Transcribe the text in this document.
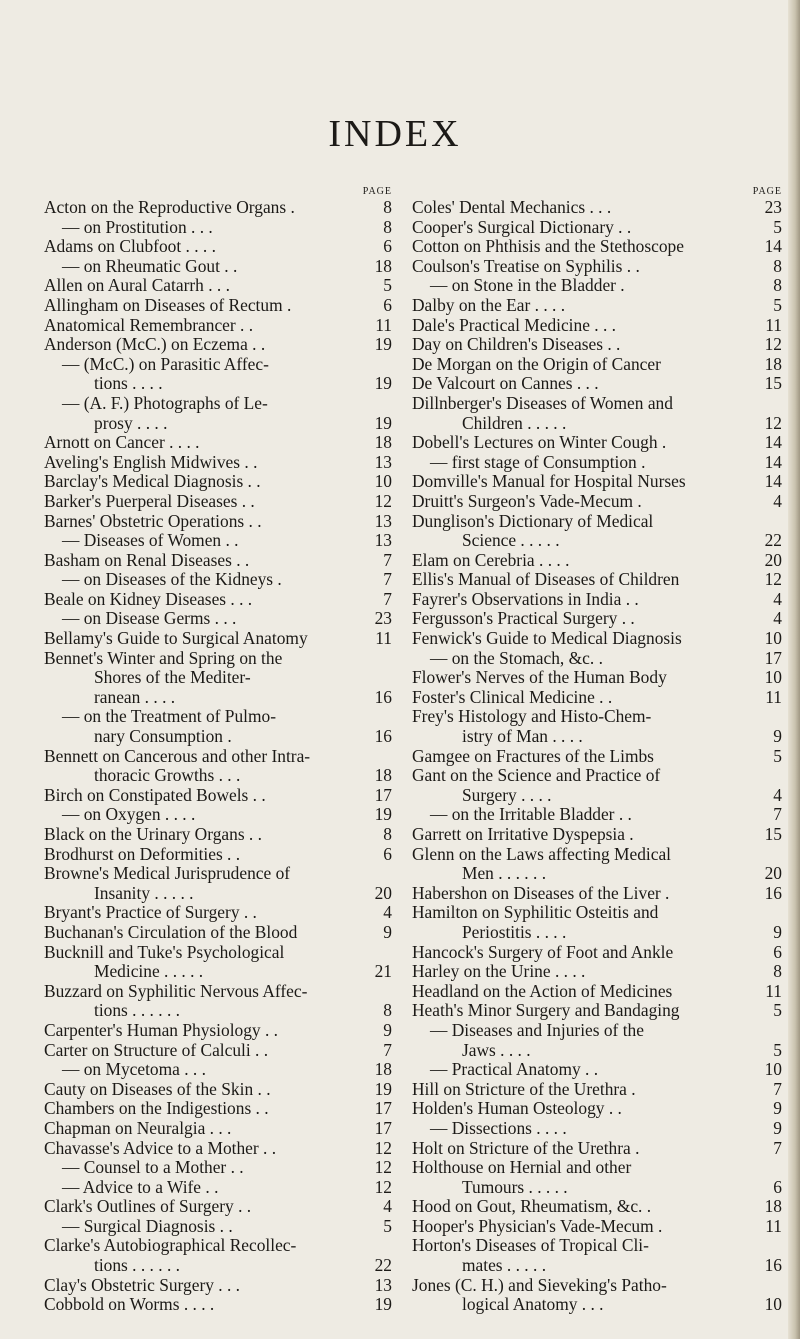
INDEX
PAGE
Acton on the Reproductive Organs .	8
— on Prostitution . . .	8
Adams on Clubfoot . . . .	6
— on Rheumatic Gout . .	18
Allen on Aural Catarrh . . .	5
Allingham on Diseases of Rectum .	6
Anatomical Remembrancer . .	11
Anderson (McC.) on Eczema . .	19
— (McC.) on Parasitic Affec-
tions . . . .	19
— (A. F.) Photographs of Le-
prosy . . . .	19
Arnott on Cancer . . . .	18
Aveling's English Midwives . .	13
Barclay's Medical Diagnosis . .	10
Barker's Puerperal Diseases . .	12
Barnes' Obstetric Operations . .	13
— Diseases of Women . .	13
Basham on Renal Diseases . .	7
— on Diseases of the Kidneys .	7
Beale on Kidney Diseases . . .	7
— on Disease Germs . . .	23
Bellamy's Guide to Surgical Anatomy	11
Bennet's Winter and Spring on the
Shores of the Mediter-
ranean . . . .	16
— on the Treatment of Pulmo-
nary Consumption .	16
Bennett on Cancerous and other Intra-
thoracic Growths . . .	18
Birch on Constipated Bowels . .	17
— on Oxygen . . . .	19
Black on the Urinary Organs . .	8
Brodhurst on Deformities . .	6
Browne's Medical Jurisprudence of
Insanity . . . . .	20
Bryant's Practice of Surgery . .	4
Buchanan's Circulation of the Blood	9
Bucknill and Tuke's Psychological
Medicine . . . . .	21
Buzzard on Syphilitic Nervous Affec-
tions . . . . . .	8
Carpenter's Human Physiology . .	9
Carter on Structure of Calculi . .	7
— on Mycetoma . . .	18
Cauty on Diseases of the Skin . .	19
Chambers on the Indigestions . .	17
Chapman on Neuralgia . . .	17
Chavasse's Advice to a Mother . .	12
— Counsel to a Mother . .	12
— Advice to a Wife . .	12
Clark's Outlines of Surgery . .	4
— Surgical Diagnosis . .	5
Clarke's Autobiographical Recollec-
tions . . . . . .	22
Clay's Obstetric Surgery . . .	13
Cobbold on Worms . . . .	19
PAGE
Coles' Dental Mechanics . . .	23
Cooper's Surgical Dictionary . .	5
Cotton on Phthisis and the Stethoscope	14
Coulson's Treatise on Syphilis . .	8
— on Stone in the Bladder .	8
Dalby on the Ear . . . .	5
Dale's Practical Medicine . . .	11
Day on Children's Diseases . .	12
De Morgan on the Origin of Cancer	18
De Valcourt on Cannes . . .	15
Dillnberger's Diseases of Women and
Children . . . . .	12
Dobell's Lectures on Winter Cough .	14
— first stage of Consumption .	14
Domville's Manual for Hospital Nurses	14
Druitt's Surgeon's Vade-Mecum .	4
Dunglison's Dictionary of Medical
Science . . . . .	22
Elam on Cerebria . . . .	20
Ellis's Manual of Diseases of Children	12
Fayrer's Observations in India . .	4
Fergusson's Practical Surgery . .	4
Fenwick's Guide to Medical Diagnosis	10
— on the Stomach, &c. .	17
Flower's Nerves of the Human Body	10
Foster's Clinical Medicine . .	11
Frey's Histology and Histo-Chem-
istry of Man . . . .	9
Gamgee on Fractures of the Limbs	5
Gant on the Science and Practice of
Surgery . . . .	4
— on the Irritable Bladder . .	7
Garrett on Irritative Dyspepsia .	15
Glenn on the Laws affecting Medical
Men . . . . . .	20
Habershon on Diseases of the Liver .	16
Hamilton on Syphilitic Osteitis and
Periostitis . . . .	9
Hancock's Surgery of Foot and Ankle	6
Harley on the Urine . . . .	8
Headland on the Action of Medicines	11
Heath's Minor Surgery and Bandaging	5
— Diseases and Injuries of the
Jaws . . . .	5
— Practical Anatomy . .	10
Hill on Stricture of the Urethra .	7
Holden's Human Osteology . .	9
— Dissections . . . .	9
Holt on Stricture of the Urethra .	7
Holthouse on Hernial and other
Tumours . . . . .	6
Hood on Gout, Rheumatism, &c. .	18
Hooper's Physician's Vade-Mecum .	11
Horton's Diseases of Tropical Cli-
mates . . . . .	16
Jones (C. H.) and Sieveking's Patho-
logical Anatomy . . .	10
